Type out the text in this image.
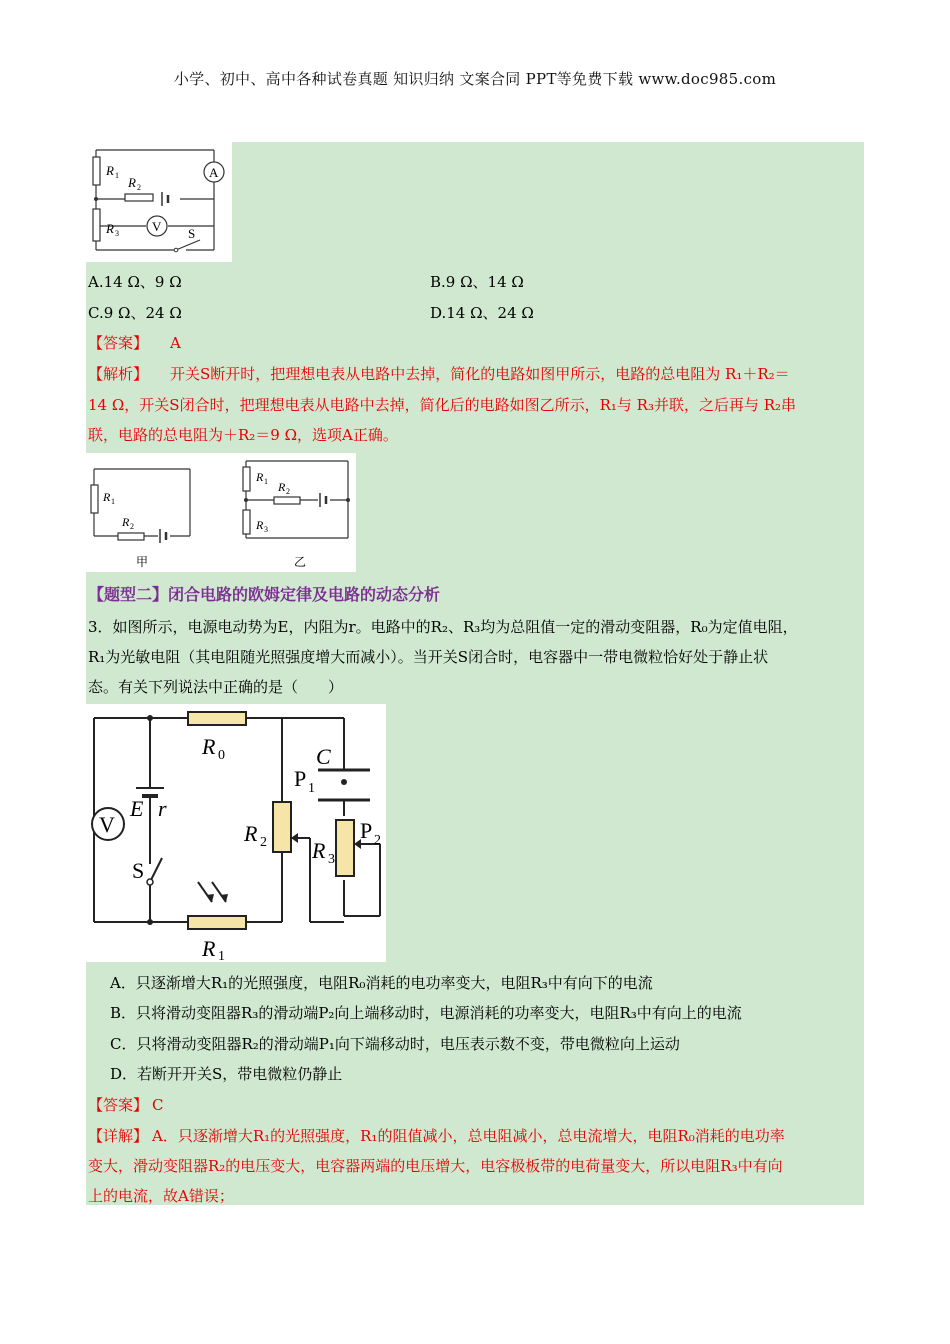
小学、初中、高中各种试卷真题 知识归纳 文案合同 PPT等免费下载 www.doc985.com
R 1 R 2
R 3
A
V S
A.14 Ω、9 Ω	B.9 Ω、14 Ω
C.9 Ω、24 Ω	D.14 Ω、24 Ω
【答案】 A
【解析】 开关S断开时，把理想电表从电路中去掉，简化的电路如图甲所示，电路的总电阻为 R₁＋R₂＝
14 Ω，开关S闭合时，把理想电表从电路中去掉，简化后的电路如图乙所示，R₁与 R₃并联，之后再与 R₂串
联，电路的总电阻为＋R₂＝9 Ω，选项A正确。
R 1
R 2
甲
R 1 R 2
R 3
乙
【题型二】闭合电路的欧姆定律及电路的动态分析
3．如图所示，电源电动势为E，内阻为r。电路中的R₂、R₃均为总阻值一定的滑动变阻器，R₀为定值电阻，
R₁为光敏电阻（其电阻随光照强度增大而减小）。当开关S闭合时，电容器中一带电微粒恰好处于静止状
态。有关下列说法中正确的是（　　）
R 0
R 1
R 2 R 3
C
E r
V
S
P 1
P 2
A．只逐渐增大R₁的光照强度，电阻R₀消耗的电功率变大，电阻R₃中有向下的电流
B．只将滑动变阻器R₃的滑动端P₂向上端移动时，电源消耗的功率变大，电阻R₃中有向上的电流
C．只将滑动变阻器R₂的滑动端P₁向下端移动时，电压表示数不变，带电微粒向上运动
D．若断开开关S，带电微粒仍静止
【答案】 C
【详解】 A．只逐渐增大R₁的光照强度，R₁的阻值减小，总电阻减小，总电流增大，电阻R₀消耗的电功率
变大，滑动变阻器R₂的电压变大，电容器两端的电压增大，电容极板带的电荷量变大，所以电阻R₃中有向
上的电流，故A错误；
